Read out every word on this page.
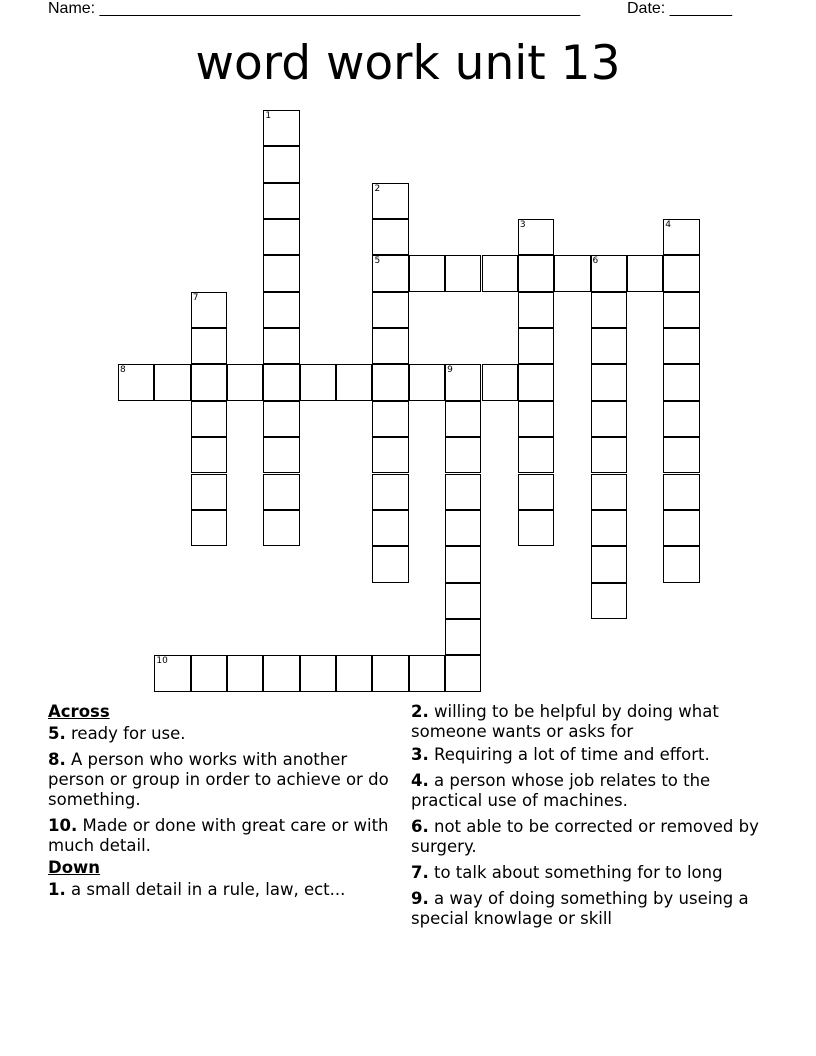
Name: ______________________________________________________	Date: _______
word work unit 13
1
2
5
3	4
6
7
8	9
10
Across
5. ready for use.
8. A person who works with another person or group in order to achieve or do something.
10. Made or done with great care or with much detail.
Down
1. a small detail in a rule, law, ect...
2. willing to be helpful by doing what someone wants or asks for
3. Requiring a lot of time and effort.
4. a person whose job relates to the practical use of machines.
6. not able to be corrected or removed by surgery.
7. to talk about something for to long
9. a way of doing something by useing a special knowlage or skill
